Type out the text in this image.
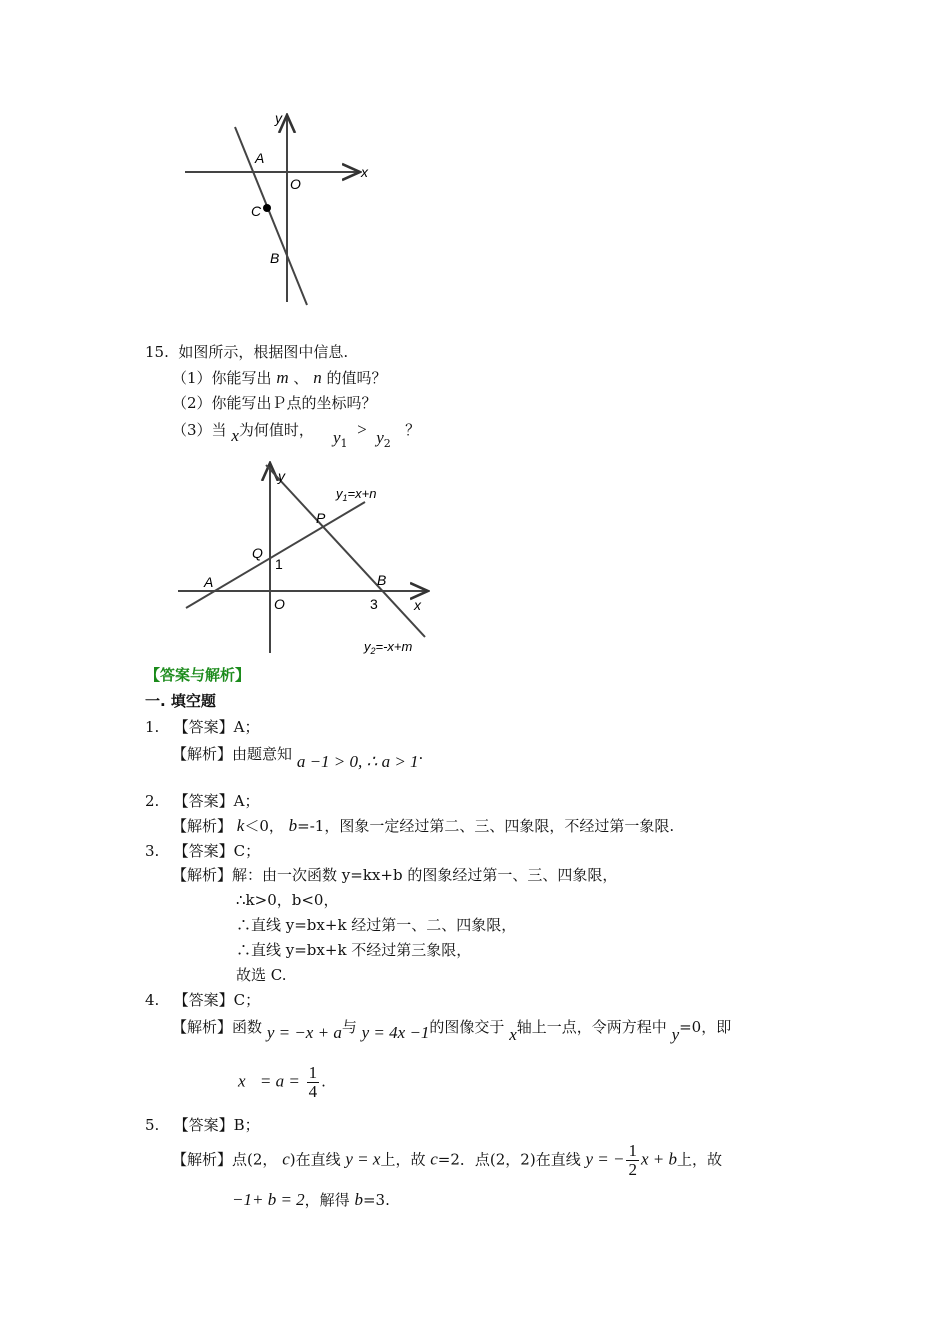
y
x
A
O
C
B
15. 如图所示，根据图中信息.
（1）你能写出 m 、 n 的值吗？
（2）你能写出Ｐ点的坐标吗？
（3）当 x为何值时， $y_1 > y_2$   ？
y
x
$y_1=x+n$
P
Q
1
A	B
O	3
$y_2=-x+m$
【答案与解析】
一. 填空题
1. 【答案】A；
【解析】由题意知 a −1 > 0, ∴ a > 1.
2. 【答案】A；
【解析】 k＜0， b=-1，图象一定经过第二、三、四象限，不经过第一象限.
3. 【答案】C；
【解析】解：由一次函数 y=kx+b 的图象经过第一、三、四象限，
∴k>0，b<0，
∴直线 y=bx+k 经过第一、二、四象限，
∴直线 y=bx+k 不经过第三象限，
故选 C.
4. 【答案】C；
【解析】函数 y = −x + a与 y = 4x −1的图像交于 x轴上一点，令两方程中 y=0，即
$x = a = \frac{1}{4}$ .
5. 【答案】B；
【解析】点(2， c)在直线 y = x上，故 c=2．点(2，2)在直线 y = − $\frac{1}{2}$ x + b上，故
−1+ b = 2，解得 b=3.
